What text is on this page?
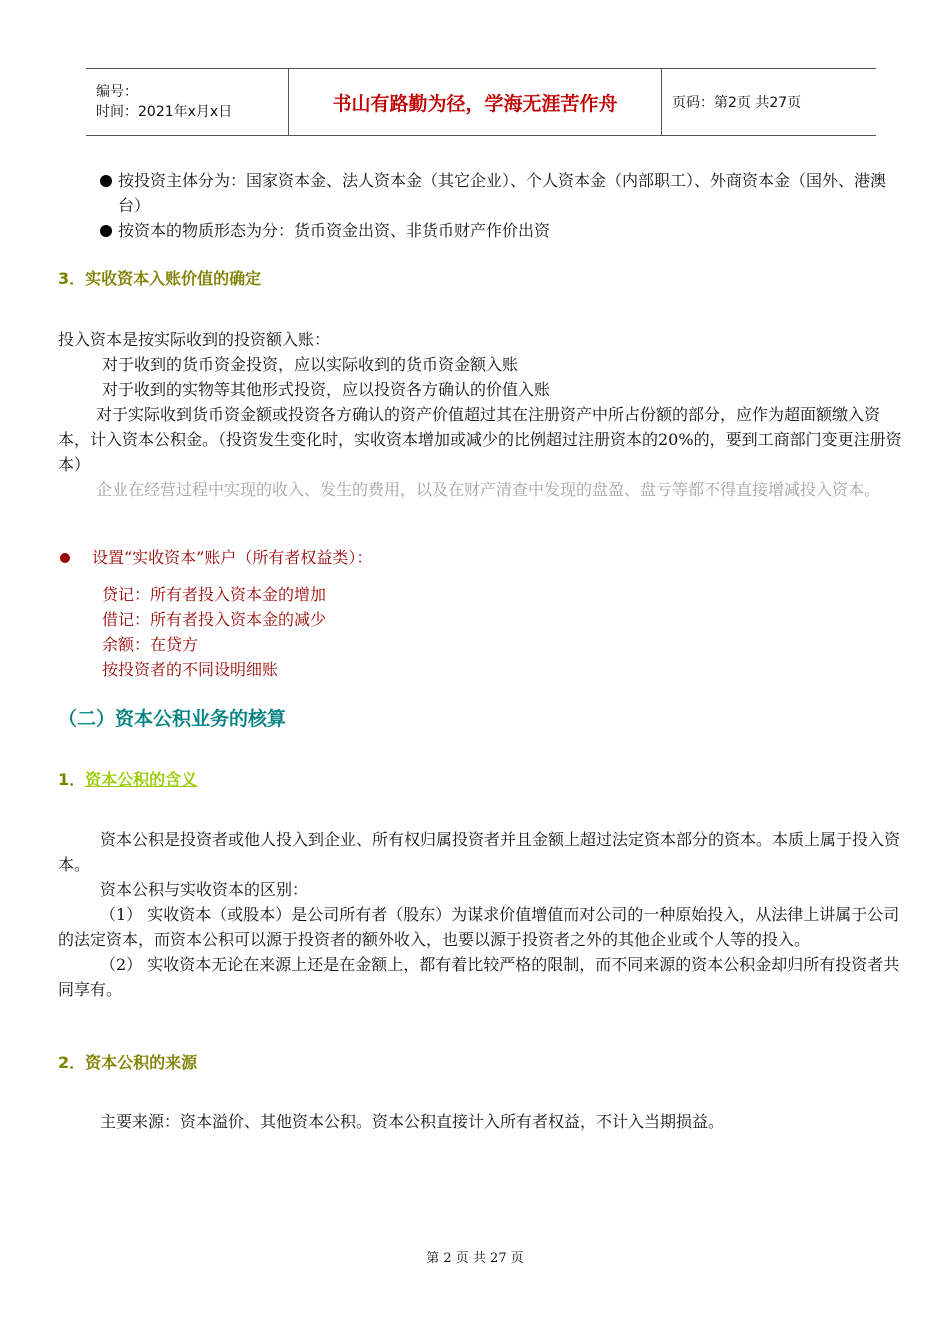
编号：
时间：2021年x月x日	书山有路勤为径，学海无涯苦作舟	页码：第2页 共27页
按投资主体分为：国家资本金、法人资本金（其它企业）、个人资本金（内部职工）、外商资本金（国外、港澳台）
按资本的物质形态为分：货币资金出资、非货币财产作价出资
3．实收资本入账价值的确定
投入资本是按实际收到的投资额入账：
对于收到的货币资金投资，应以实际收到的货币资金额入账
对于收到的实物等其他形式投资，应以投资各方确认的价值入账
对于实际收到货币资金额或投资各方确认的资产价值超过其在注册资产中所占份额的部分，应作为超面额缴入资本，计入资本公积金。（投资发生变化时，实收资本增加或减少的比例超过注册资本的20%的，要到工商部门变更注册资本）
企业在经营过程中实现的收入、发生的费用，以及在财产清查中发现的盘盈、盘亏等都不得直接增减投入资本。
设置“实收资本”账户（所有者权益类）：
贷记：所有者投入资本金的增加
借记：所有者投入资本金的减少
余额：在贷方
按投资者的不同设明细账
（二）资本公积业务的核算
1．资本公积的含义
资本公积是投资者或他人投入到企业、所有权归属投资者并且金额上超过法定资本部分的资本。本质上属于投入资本。
资本公积与实收资本的区别：
（1） 实收资本（或股本）是公司所有者（股东）为谋求价值增值而对公司的一种原始投入，从法律上讲属于公司的法定资本，而资本公积可以源于投资者的额外收入，也要以源于投资者之外的其他企业或个人等的投入。
（2） 实收资本无论在来源上还是在金额上，都有着比较严格的限制，而不同来源的资本公积金却归所有投资者共同享有。
2．资本公积的来源
主要来源：资本溢价、其他资本公积。资本公积直接计入所有者权益，不计入当期损益。
第 2 页 共 27 页
